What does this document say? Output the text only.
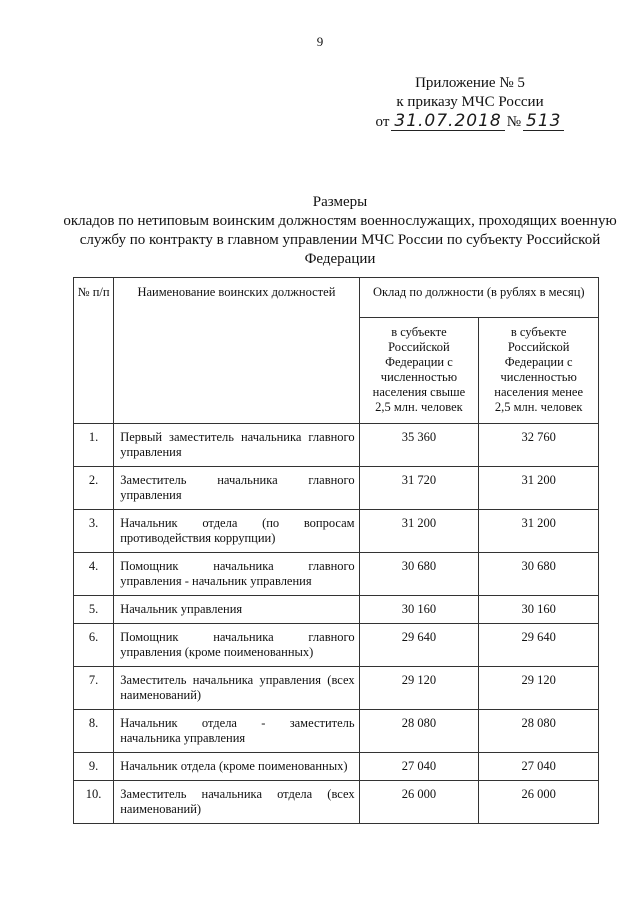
9
Приложение № 5
к приказу МЧС России
от 31.07.2018 № 513
Размеры
окладов по нетиповым воинским должностям военнослужащих, проходящих военную службу по контракту в главном управлении МЧС России по субъекту Российской Федерации
№ п/п	Наименование воинских должностей	Оклад по должности (в рублях в месяц)	
		в субъекте Российской Федерации с численностью населения свыше 2,5 млн. человек	в субъекте Российской Федерации с численностью населения менее 2,5 млн. человек
1.	Первый заместитель начальника главного управления	35 360	32 760
2.	Заместитель начальника главного управления	31 720	31 200
3.	Начальник отдела (по вопросам противодействия коррупции)	31 200	31 200
4.	Помощник начальника главного управления - начальник управления	30 680	30 680
5.	Начальник управления	30 160	30 160
6.	Помощник начальника главного управления (кроме поименованных)	29 640	29 640
7.	Заместитель начальника управления (всех наименований)	29 120	29 120
8.	Начальник отдела - заместитель начальника управления	28 080	28 080
9.	Начальник отдела (кроме поименованных)	27 040	27 040
10.	Заместитель начальника отдела (всех наименований)	26 000	26 000
